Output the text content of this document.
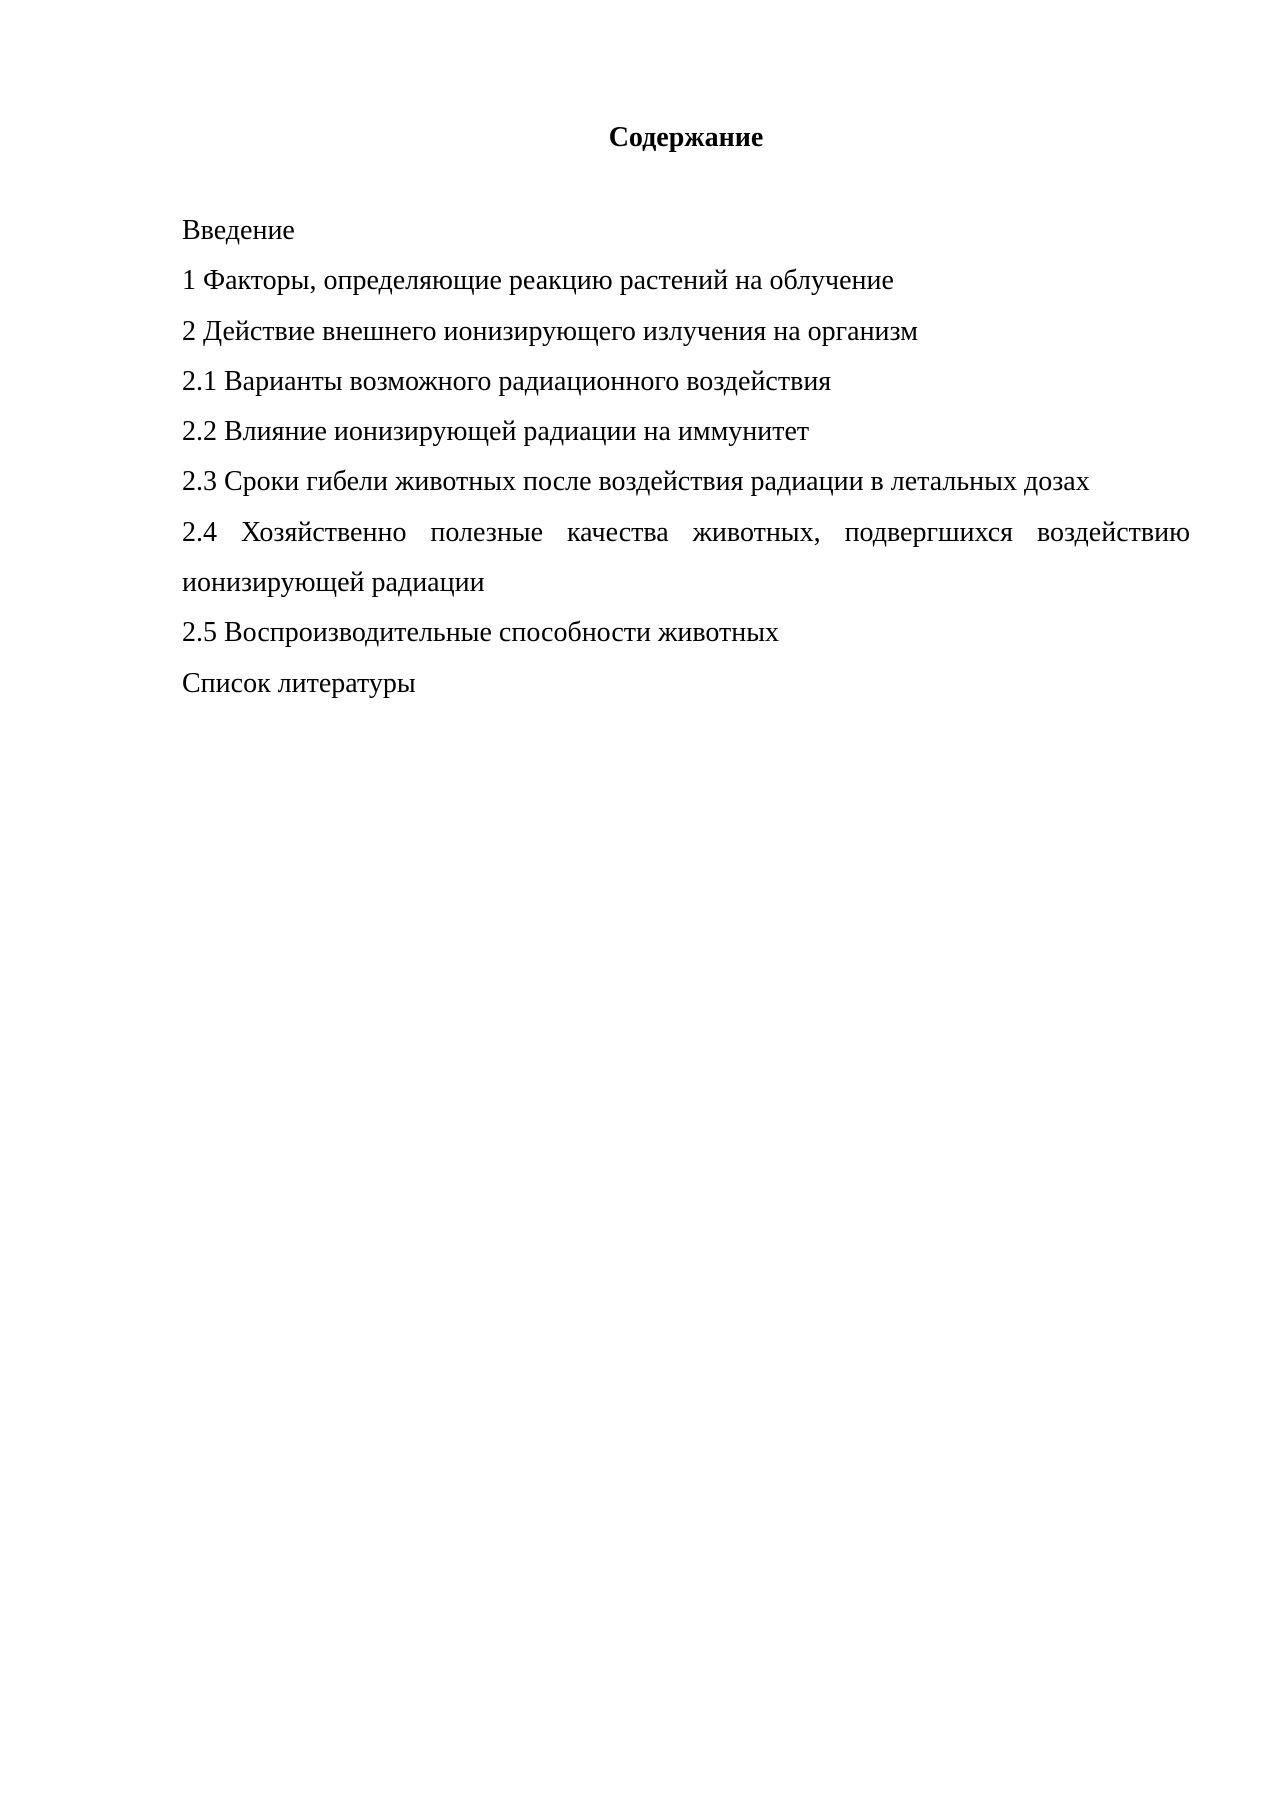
Содержание
Введение
1 Факторы, определяющие реакцию растений на облучение
2 Действие внешнего ионизирующего излучения на организм
2.1 Варианты возможного радиационного воздействия
2.2 Влияние ионизирующей радиации на иммунитет
2.3 Сроки гибели животных после воздействия радиации в летальных дозах
2.4 Хозяйственно полезные качества животных, подвергшихся воздействию ионизирующей радиации
2.5 Воспроизводительные способности животных
Список литературы
